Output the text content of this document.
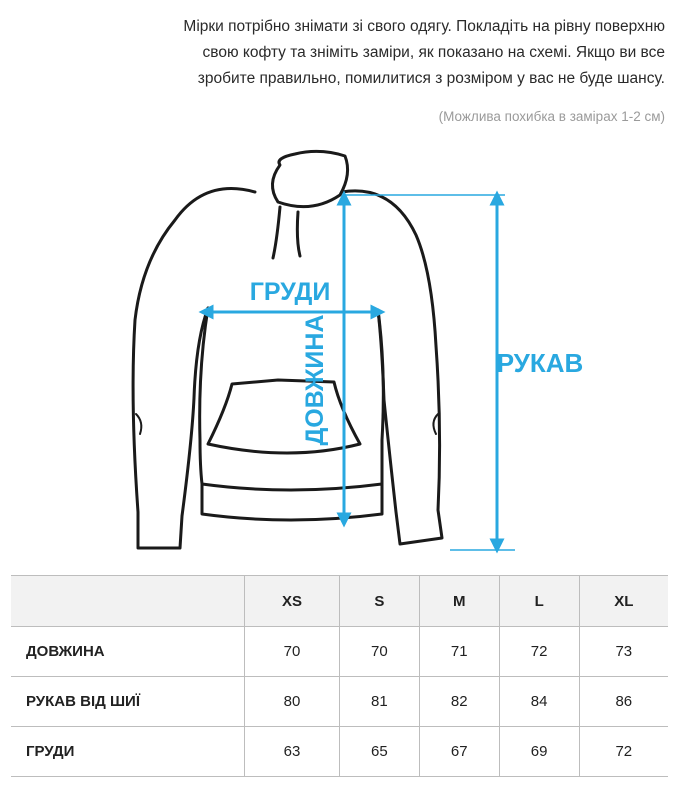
Мірки потрібно знімати зі свого одягу. Покладіть на рівну поверхню

свою кофту та зніміть заміри, як показано на схемі. Якщо ви все

зробите правильно, помилитися з розміром у вас не буде шансу.

(Можлива похибка в замірах 1-2 см)
ГРУДИ
ДОВЖИНА	РУКАВ
	XS	S	M	L	XL
ДОВЖИНА	70	70	71	72	73
РУКАВ ВІД ШИЇ	80	81	82	84	86
ГРУДИ	63	65	67	69	72
